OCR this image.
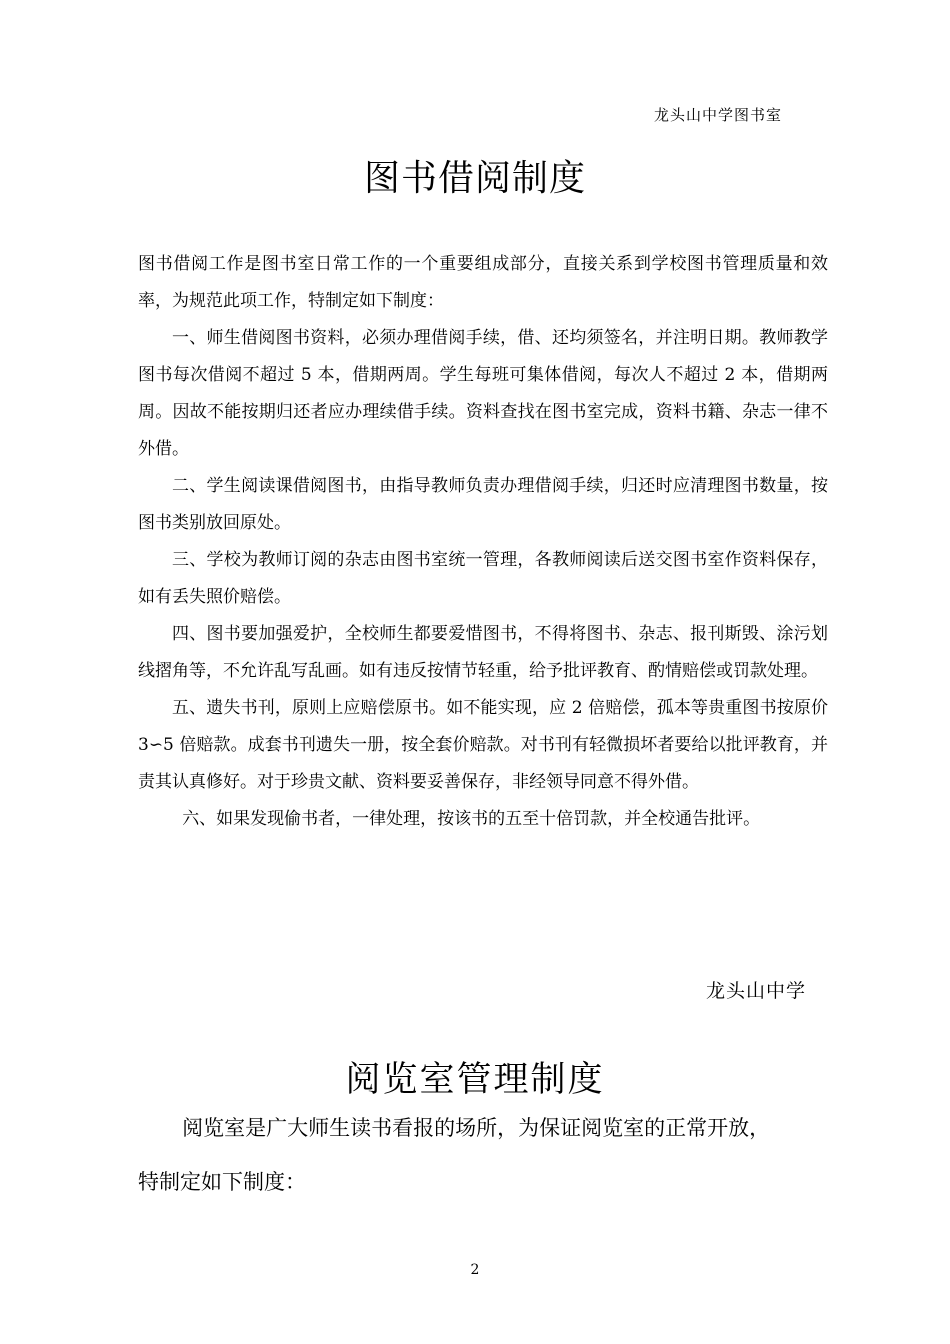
龙头山中学图书室
图书借阅制度

图书借阅工作是图书室日常工作的一个重要组成部分，直接关系到学校图书管理质量和效率，为规范此项工作，特制定如下制度：

一、师生借阅图书资料，必须办理借阅手续，借、还均须签名，并注明日期。教师教学图书每次借阅不超过 5 本，借期两周。学生每班可集体借阅，每次人不超过 2 本，借期两周。因故不能按期归还者应办理续借手续。资料查找在图书室完成，资料书籍、杂志一律不外借。

二、学生阅读课借阅图书，由指导教师负责办理借阅手续，归还时应清理图书数量，按图书类别放回原处。

三、学校为教师订阅的杂志由图书室统一管理，各教师阅读后送交图书室作资料保存，如有丢失照价赔偿。

四、图书要加强爱护，全校师生都要爱惜图书，不得将图书、杂志、报刊斯毁、涂污划线摺角等，不允许乱写乱画。如有违反按情节轻重，给予批评教育、酌情赔偿或罚款处理。

五、遗失书刊，原则上应赔偿原书。如不能实现，应 2 倍赔偿，孤本等贵重图书按原价 3∽5 倍赔款。成套书刊遗失一册，按全套价赔款。对书刊有轻微损坏者要给以批评教育，并责其认真修好。对于珍贵文献、资料要妥善保存，非经领导同意不得外借。

六、如果发现偷书者，一律处理，按该书的五至十倍罚款，并全校通告批评。

龙头山中学
阅览室管理制度

阅览室是广大师生读书看报的场所，为保证阅览室的正常开放，

特制定如下制度：

2
